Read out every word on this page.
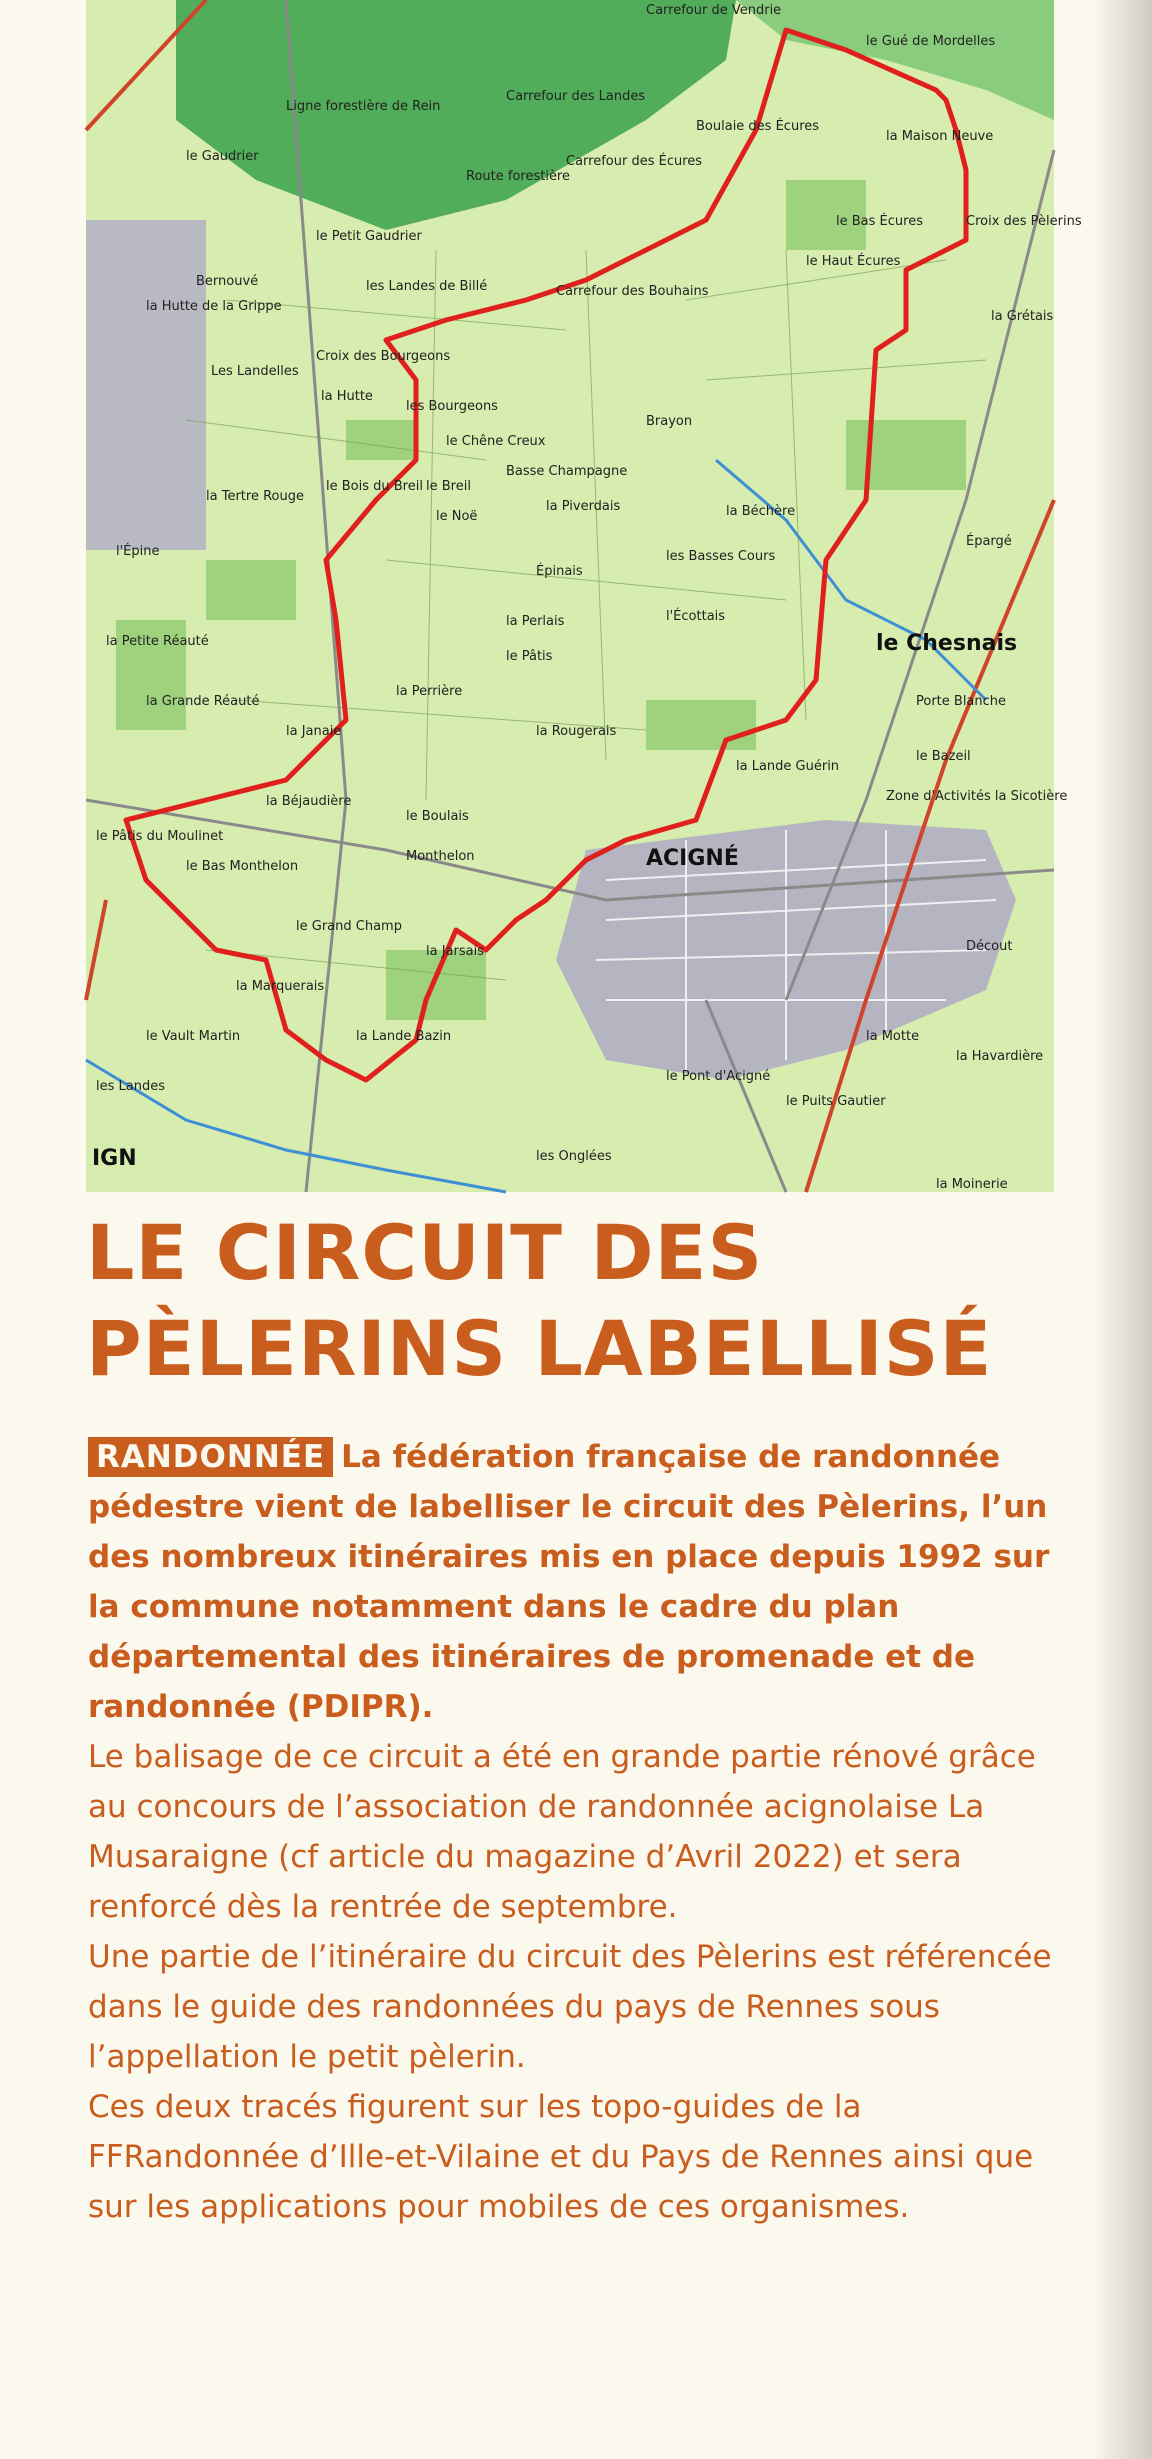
Carrefour de Vendrie
Ligne forestière de Rein
Carrefour des Landes
Carrefour des Écures
Route forestière
le Gué de Mordelles
la Maison Neuve
Boulaie des Écures
le Gaudrier
le Petit Gaudrier
Bernouvé	les Landes de Billé	Carrefour des Bouhains
le Bas Écures
le Haut Écures
Croix des Pèlerins
la Grétais
la Hutte de la Grippe
Les Landelles
Croix des Bourgeons
la Hutte
les Bourgeons
Brayon
le Chêne Creux
Basse Champagne
la Piverdais
le Bois du Breil le Breil
le Noë
la Tertre Rouge
l'Épine
la Béchère
Épinais
les Basses Cours
l'Écottais
Épargé
la Perlais
le Pâtis
le Chesnais
la Petite Réauté
la Grande Réauté
la Perrière
Porte Blanche
la Janaie	la Rougerais
la Lande Guérin
le Bazeil
la Béjaudière
le Boulais
Zone d'Activités la Sicotière
le Pâtis du Moulinet
le Bas Monthelon
Monthelon	ACIGNÉ
le Grand Champ
la Jarsais
la Marquerais
le Vault Martin
les Landes
la Lande Bazin	la Motte
la Havardière
le Pont d'Acigné
le Puits Gautier
les Onglées
la Moinerie
Décout
IGN
LE CIRCUIT DES
PÈLERINS LABELLISÉ

RANDONNÉE La fédération française de randonnée pédestre vient de labelliser le circuit des Pèlerins, l’un des nombreux itinéraires mis en place depuis 1992 sur la commune notamment dans le cadre du plan départemental des itinéraires de promenade et de randonnée (PDIPR).

Le balisage de ce circuit a été en grande partie rénové grâce au concours de l’association de randonnée acignolaise La Musaraigne (cf article du magazine d’Avril 2022) et sera renforcé dès la rentrée de septembre.

Une partie de l’itinéraire du circuit des Pèlerins est référencée dans le guide des randonnées du pays de Rennes sous l’appellation le petit pèlerin.

Ces deux tracés figurent sur les topo-guides de la FFRandonnée d’Ille-et-Vilaine et du Pays de Rennes ainsi que sur les applications pour mobiles de ces organismes.
